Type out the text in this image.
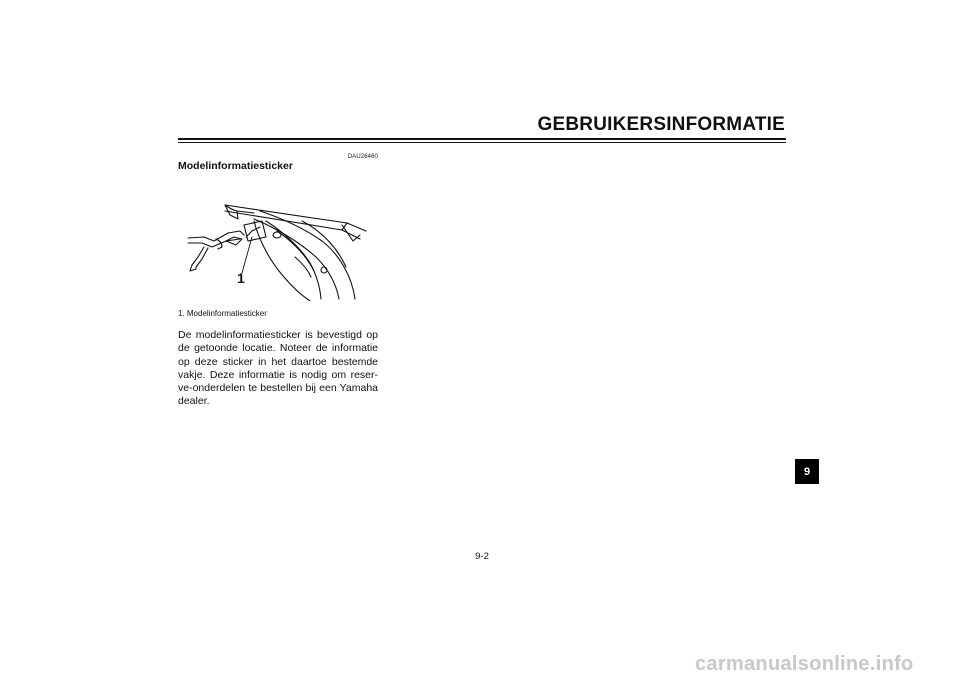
GEBRUIKERSINFORMATIE
DAU26460
Modelinformatiesticker
1
1. Modelinformatiesticker
De modelinformatiesticker is bevestigd op
de getoonde locatie. Noteer de informatie
op deze sticker in het daartoe bestemde
vakje. Deze informatie is nodig om reser-
ve-onderdelen te bestellen bij een Yamaha
dealer.
9
9-2
carmanualsonline.info
